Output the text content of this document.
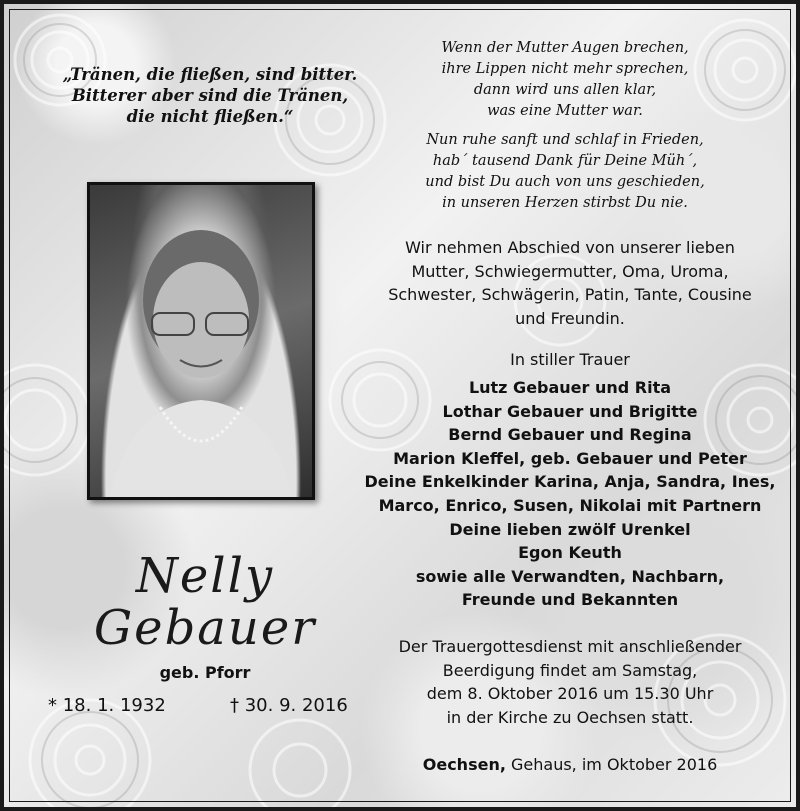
„Tränen, die fließen, sind bitter.
Bitterer aber sind die Tränen,
die nicht fließen.“
Wenn der Mutter Augen brechen,
ihre Lippen nicht mehr sprechen,
dann wird uns allen klar,
was eine Mutter war.
Nun ruhe sanft und schlaf in Frieden,
hab´ tausend Dank für Deine Müh´,
und bist Du auch von uns geschieden,
in unseren Herzen stirbst Du nie.
Nelly
Gebauer
geb. Pforr
* 18. 1. 1932	† 30. 9. 2016
Wir nehmen Abschied von unserer lieben
Mutter, Schwiegermutter, Oma, Uroma,
Schwester, Schwägerin, Patin, Tante, Cousine
und Freundin.
In stiller Trauer
Lutz Gebauer und Rita
Lothar Gebauer und Brigitte
Bernd Gebauer und Regina
Marion Kleffel, geb. Gebauer und Peter
Deine Enkelkinder Karina, Anja, Sandra, Ines,
Marco, Enrico, Susen, Nikolai mit Partnern
Deine lieben zwölf Urenkel
Egon Keuth
sowie alle Verwandten, Nachbarn,
Freunde und Bekannten
Der Trauergottesdienst mit anschließender
Beerdigung findet am Samstag,
dem 8. Oktober 2016 um 15.30 Uhr
in der Kirche zu Oechsen statt.
Oechsen, Gehaus, im Oktober 2016
